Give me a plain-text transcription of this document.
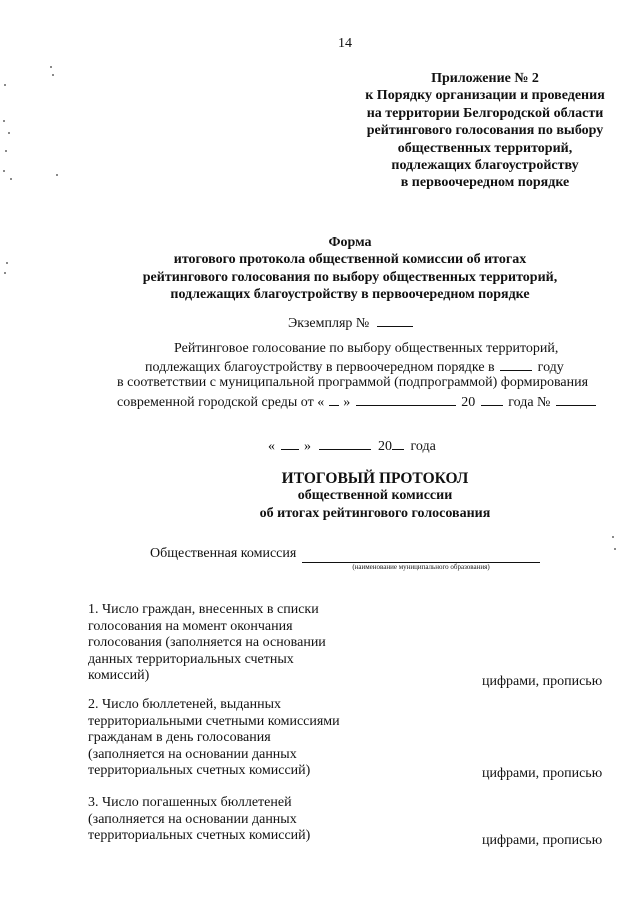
14
Приложение № 2
к Порядку организации и проведения
на территории Белгородской области
рейтингового голосования по выбору
общественных территорий,
подлежащих благоустройству
в первоочередном порядке
Форма
итогового протокола общественной комиссии об итогах
рейтингового голосования по выбору общественных территорий,
подлежащих благоустройству в первоочередном порядке
Экземпляр №
Рейтинговое голосование по выбору общественных территорий,
подлежащих благоустройству в первоочередном порядке в	году
в соответствии с муниципальной программой (подпрограммой) формирования
современной городской среды от « »	20 года №
« »	20 года
ИТОГОВЫЙ ПРОТОКОЛ
общественной комиссии
об итогах рейтингового голосования
Общественная комиссия
(наименование муниципального образования)
1. Число граждан, внесенных в списки
голосования на момент окончания
голосования (заполняется на основании
данных территориальных счетных
комиссий)	цифрами, прописью
2. Число бюллетеней, выданных
территориальными счетными комиссиями
гражданам в день голосования
(заполняется на основании данных
территориальных счетных комиссий)	цифрами, прописью
3. Число погашенных бюллетеней
(заполняется на основании данных
территориальных счетных комиссий)	цифрами, прописью
